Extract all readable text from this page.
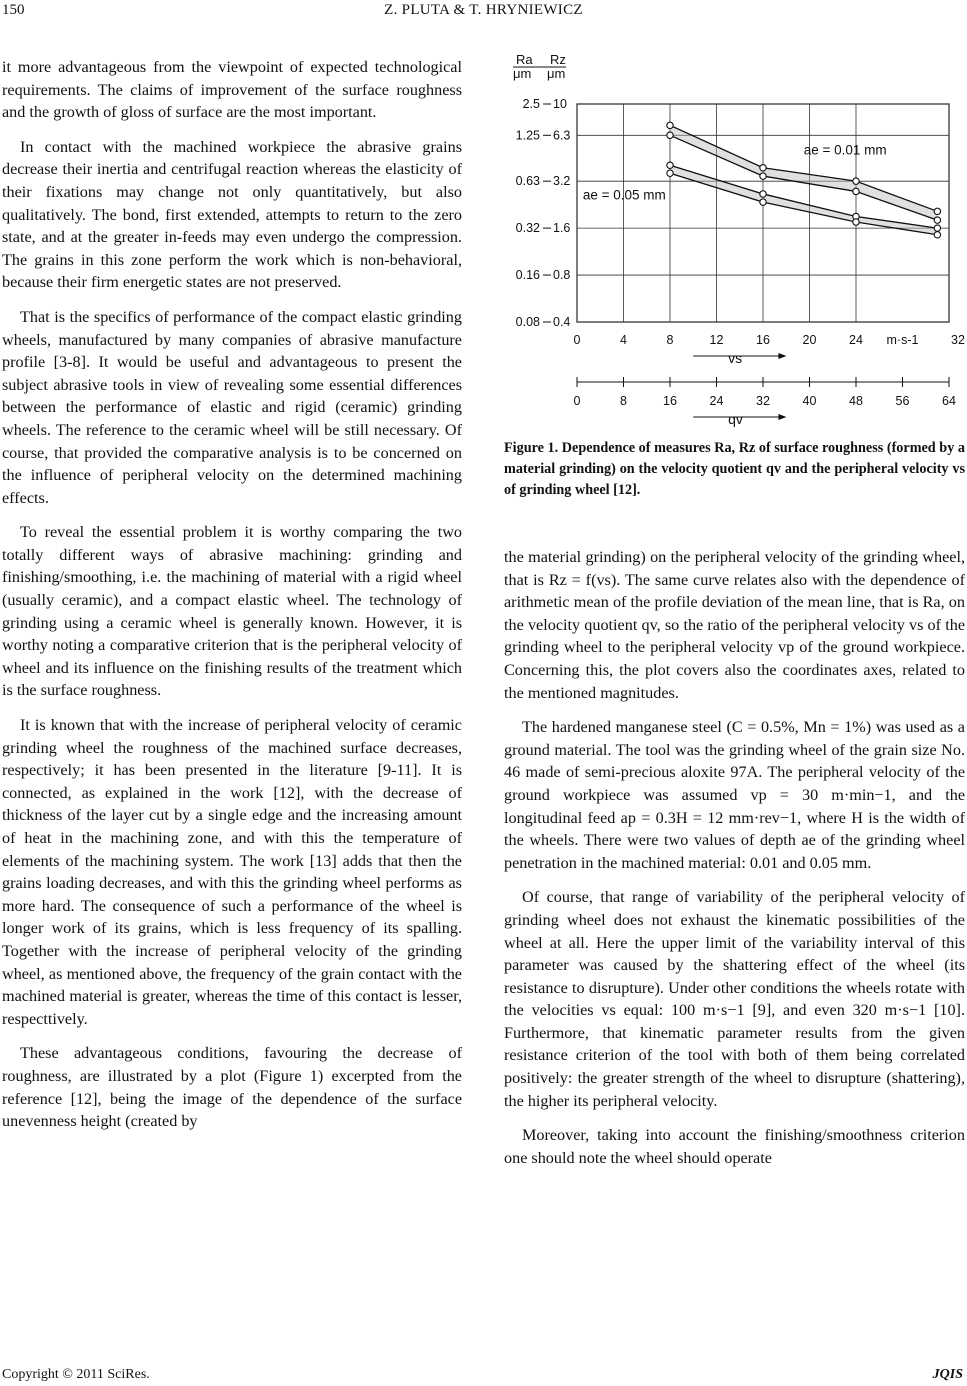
150	Z. PLUTA & T. HRYNIEWICZ

it more advantageous from the viewpoint of expected technological requirements. The claims of improvement of the surface roughness and the growth of gloss of surface are the most important.

In contact with the machined workpiece the abrasive grains decrease their inertia and centrifugal reaction whereas the elasticity of their fixations may change not only quantitatively, but also qualitatively. The bond, first extended, attempts to return to the zero state, and at the greater in-feeds may even undergo the compression. The grains in this zone perform the work which is non-behavioral, because their firm energetic states are not preserved.

That is the specifics of performance of the compact elastic grinding wheels, manufactured by many companies of abrasive manufacture profile [3-8]. It would be useful and advantageous to present the subject abrasive tools in view of revealing some essential differences between the performance of elastic and rigid (ceramic) grinding wheels. The reference to the ceramic wheel will be still necessary. Of course, that provided the comparative analysis is to be concerned on the influence of peripheral velocity on the determined machining effects.

To reveal the essential problem it is worthy comparing the two totally different ways of abrasive machining: grinding and finishing/smoothing, i.e. the machining of material with a rigid wheel (usually ceramic), and a compact elastic wheel. The technology of grinding using a ceramic wheel is generally known. However, it is worthy noting a comparative criterion that is the peripheral velocity of wheel and its influence on the finishing results of the treatment which is the surface roughness.

It is known that with the increase of peripheral velocity of ceramic grinding wheel the roughness of the machined surface decreases, respectively; it has been presented in the literature [9-11]. It is connected, as explained in the work [12], with the decrease of thickness of the layer cut by a single edge and the increasing amount of heat in the machining zone, and with this the temperature of elements of the machining system. The work [13] adds that then the grains loading decreases, and with this the grinding wheel performs as more hard. The consequence of such a performance of the wheel is longer work of its grains, which is less frequency of its spalling. Together with the increase of peripheral velocity of the grinding wheel, as mentioned above, the frequency of the grain contact with the machined material is greater, whereas the time of this contact is lesser, respecttively.

These advantageous conditions, favouring the decrease of roughness, are illustrated by a plot (Figure 1) excerpted from the reference [12], being the image of the dependence of the surface unevenness height (created by

Ra
μm
Rz
μm
2.5 10
1.25 6.3
0.63 3.2
0.32 1.6
0.16 0.8
0.08 0.4
0	4	8	12	16	20	24	32
m·s-1
vs
0	8	16	24	32	40	48	56	64
qv
ae = 0.01 mm
ae = 0.05 mm
Figure 1. Dependence of measures Ra, Rz of surface roughness (formed by a material grinding) on the velocity quotient qv and the peripheral velocity vs of grinding wheel [12].

the material grinding) on the peripheral velocity of the grinding wheel, that is Rz = f(vs). The same curve relates also with the dependence of arithmetic mean of the profile deviation of the mean line, that is Ra, on the velocity quotient qv, so the ratio of the peripheral velocity vs of the grinding wheel to the peripheral velocity vp of the ground workpiece. Concerning this, the plot covers also the coordinates axes, related to the mentioned magnitudes.

The hardened manganese steel (C = 0.5%, Mn = 1%) was used as a ground material. The tool was the grinding wheel of the grain size No. 46 made of semi-precious aloxite 97A. The peripheral velocity of the ground workpiece was assumed vp = 30 m·min−1, and the longitudinal feed ap = 0.3H = 12 mm·rev−1, where H is the width of the wheels. There were two values of depth ae of the grinding wheel penetration in the machined material: 0.01 and 0.05 mm.

Of course, that range of variability of the peripheral velocity of grinding wheel does not exhaust the kinematic possibilities of the wheel at all. Here the upper limit of the variability interval of this parameter was caused by the shattering effect of the wheel (its resistance to disrupture). Under other conditions the wheels rotate with the velocities vs equal: 100 m·s−1 [9], and even 320 m·s−1 [10]. Furthermore, that kinematic parameter results from the given resistance criterion of the tool with both of them being correlated positively: the greater strength of the wheel to disrupture (shattering), the higher its peripheral velocity.

Moreover, taking into account the finishing/smoothness criterion one should note the wheel should operate

Copyright © 2011 SciRes.	JQIS
